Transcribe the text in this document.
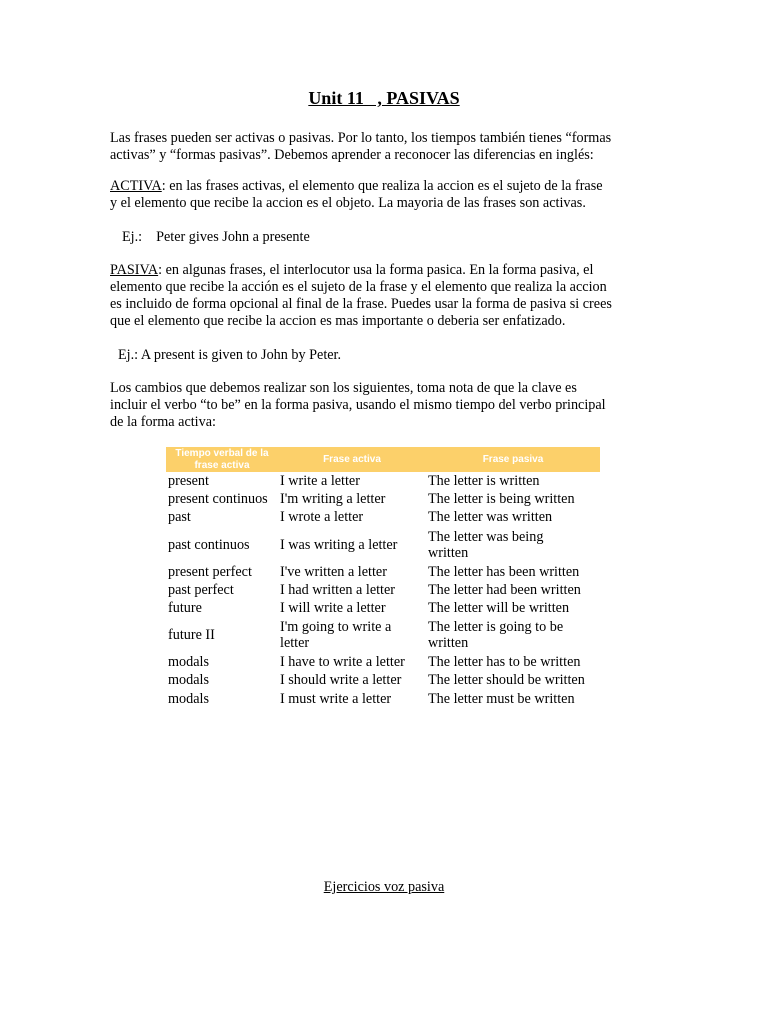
Unit 11   , PASIVAS

Las frases pueden ser activas o pasivas. Por lo tanto, los tiempos también tienes “formas
activas” y “formas pasivas”. Debemos aprender a reconocer las diferencias en inglés:

ACTIVA: en las frases activas, el elemento que realiza la accion es el sujeto de la frase
y el elemento que recibe la accion es el objeto. La mayoria de las frases son activas.

Ej.: Peter gives John a presente

PASIVA: en algunas frases, el interlocutor usa la forma pasica. En la forma pasiva, el
elemento que recibe la acción es el sujeto de la frase y el elemento que realiza la accion
es incluido de forma opcional al final de la frase. Puedes usar la forma de pasiva si crees
que el elemento que recibe la accion es mas importante o deberia ser enfatizado.

Ej.: A present is given to John by Peter.

Los cambios que debemos realizar son los siguientes, toma nota de que la clave es
incluir el verbo “to be” en la forma pasiva, usando el mismo tiempo del verbo principal
de la forma activa:

Tiempo verbal de la
frase activa	Frase activa	Frase pasiva
present	I write a letter	The letter is written
present continuos	I'm writing a letter	The letter is being written
past	I wrote a letter	The letter was written
past continuos	I was writing a letter	The letter was being
written
present perfect	I've written a letter	The letter has been written
past perfect	I had written a letter	The letter had been written
future	I will write a letter	The letter will be written
future II	I'm going to write a
letter	The letter is going to be
written
modals	I have to write a letter	The letter has to be written
modals	I should write a letter	The letter should be written
modals	I must write a letter	The letter must be written
Ejercicios voz pasiva
